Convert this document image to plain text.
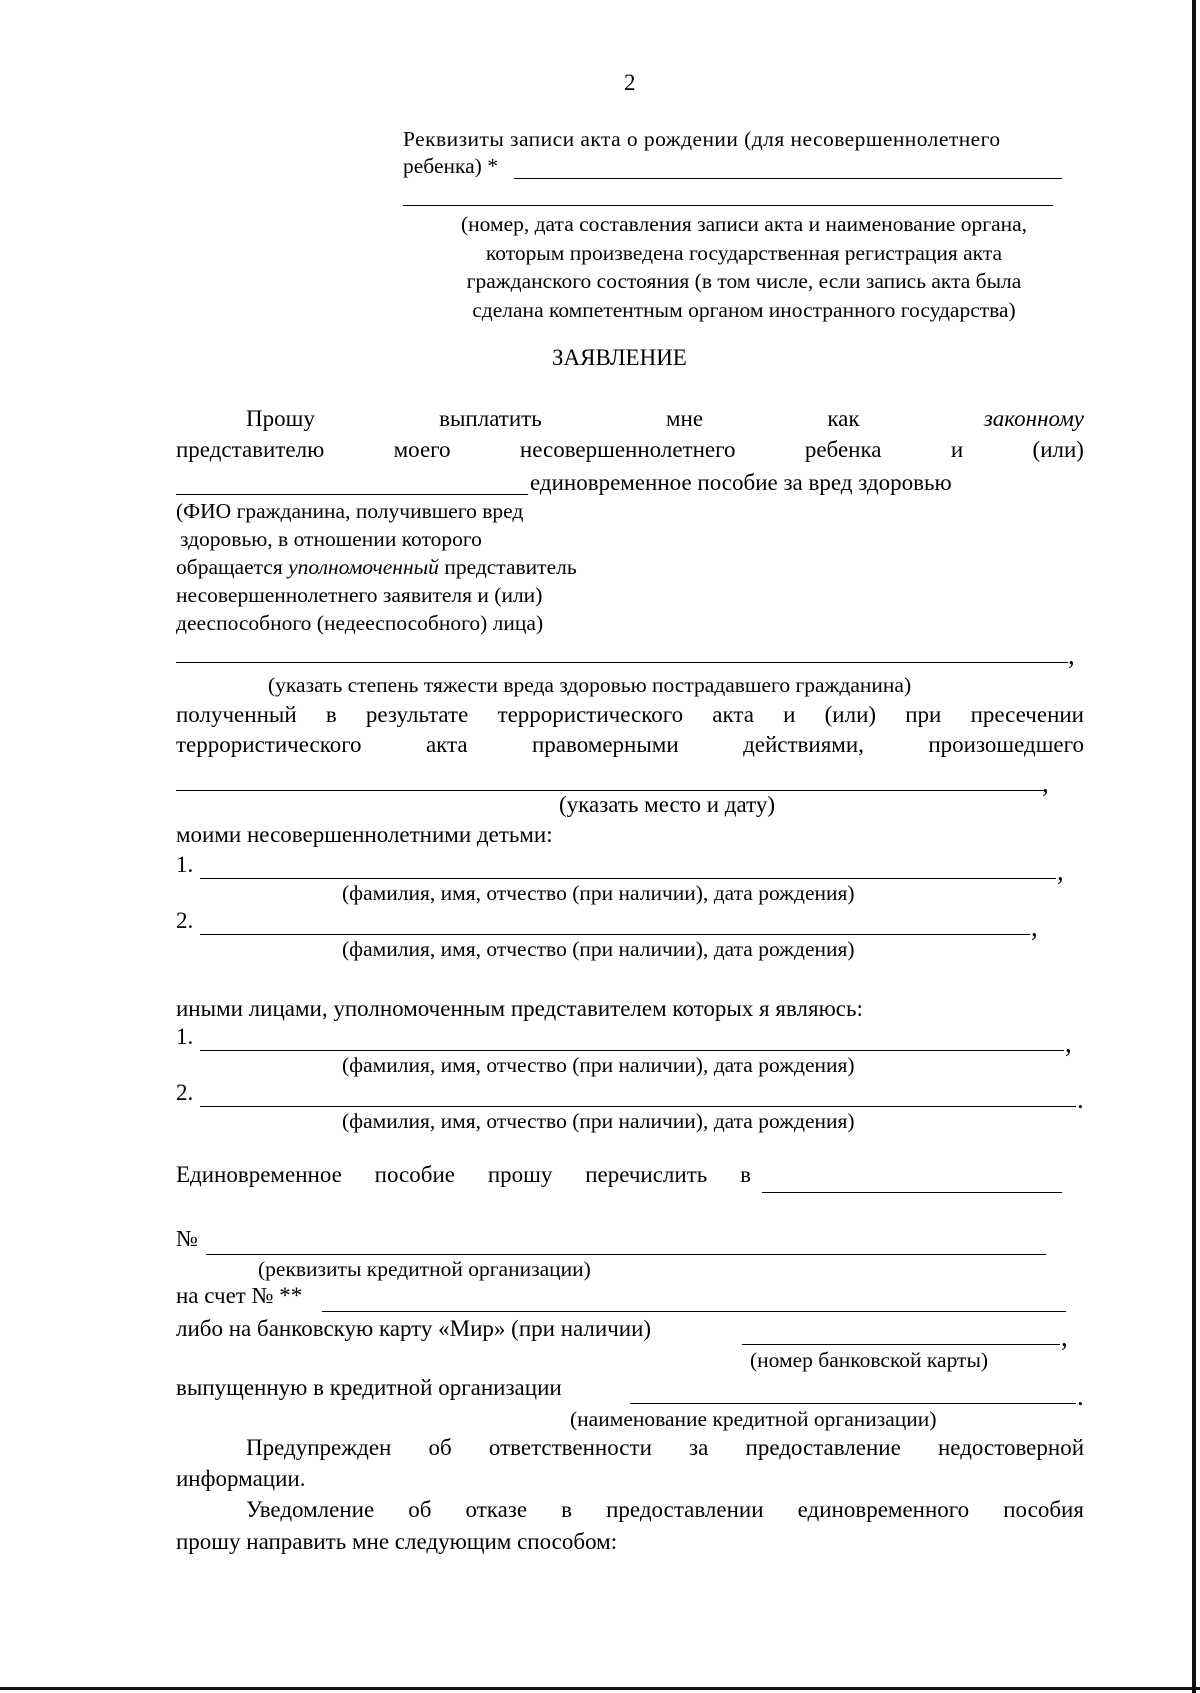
2
Реквизиты записи акта о рождении (для несовершеннолетнего
ребенка) *
(номер, дата составления записи акта и наименование органа,
которым произведена государственная регистрация акта
гражданского состояния (в том числе, если запись акта была
сделана компетентным органом иностранного государства)
ЗАЯВЛЕНИЕ
Прошу	выплатить	мне	как	законному
представителю	моего	несовершеннолетнего	ребенка	и	(или)
единовременное пособие за вред здоровью
(ФИО гражданина, получившего вред
здоровью, в отношении которого
обращается уполномоченный представитель
несовершеннолетнего заявителя и (или)
дееспособного (недееспособного) лица)
,
(указать степень тяжести вреда здоровью пострадавшего гражданина)
полученный в результате террористического акта и (или) при пресечении
террористического	акта	правомерными	действиями,	произошедшего
,
(указать место и дату)
моими несовершеннолетними детьми:
1.	,
(фамилия, имя, отчество (при наличии), дата рождения)
2.	,
(фамилия, имя, отчество (при наличии), дата рождения)
иными лицами, уполномоченным представителем которых я являюсь:
1.	,
(фамилия, имя, отчество (при наличии), дата рождения)
2.	.
(фамилия, имя, отчество (при наличии), дата рождения)
Единовременное пособие прошу перечислить в
№
(реквизиты кредитной организации)
на счет № **
либо на банковскую карту «Мир» (при наличии)	,
(номер банковской карты)
выпущенную в кредитной организации	.
(наименование кредитной организации)
Предупрежден об ответственности за предоставление недостоверной
информации.
Уведомление об отказе в предоставлении единовременного пособия
прошу направить мне следующим способом:
